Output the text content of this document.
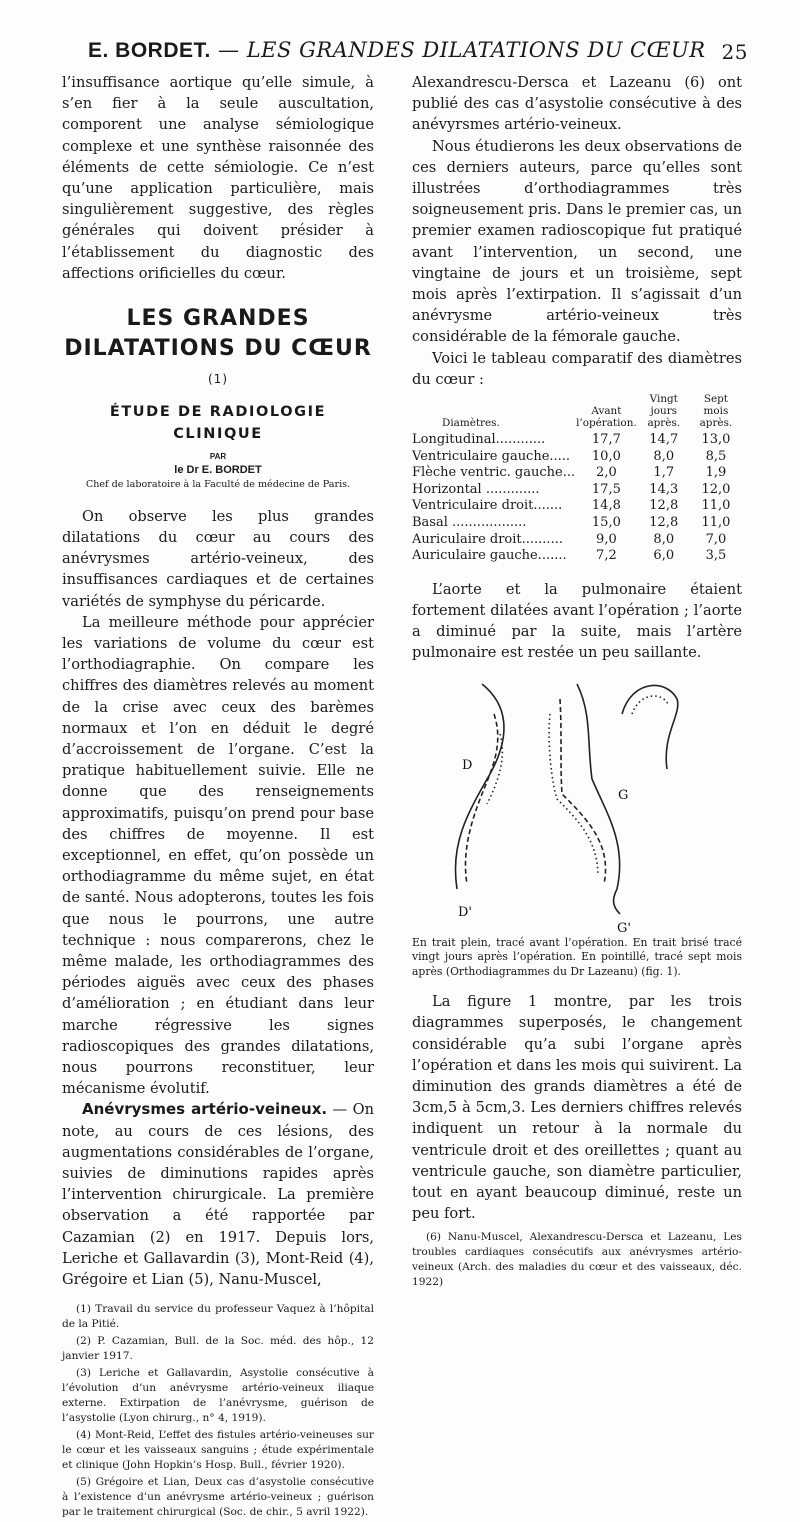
E. BORDET. — LES GRANDES DILATATIONS DU CŒUR 25

l’insuffisance aortique qu’elle simule, à s’en fier à la seule auscultation, comporent une analyse sémiologique complexe et une synthèse raisonnée des éléments de cette sémiologie. Ce n’est qu’une application particulière, mais singulièrement suggestive, des règles générales qui doivent présider à l’établissement du diagnostic des affections orificielles du cœur.

LES GRANDES DILATATIONS DU CŒUR $^{(1)}$
ÉTUDE DE RADIOLOGIE CLINIQUE
PAR
le Dr E. BORDET
Chef de laboratoire à la Faculté de médecine de Paris.

On observe les plus grandes dilatations du cœur au cours des anévrysmes artério-veineux, des insuffisances cardiaques et de certaines variétés de symphyse du péricarde.

La meilleure méthode pour apprécier les variations de volume du cœur est l’orthodiagraphie. On compare les chiffres des diamètres relevés au moment de la crise avec ceux des barèmes normaux et l’on en déduit le degré d’accroissement de l’organe. C’est la pratique habituellement suivie. Elle ne donne que des renseignements approximatifs, puisqu’on prend pour base des chiffres de moyenne. Il est exceptionnel, en effet, qu’on possède un orthodiagramme du même sujet, en état de santé. Nous adopterons, toutes les fois que nous le pourrons, une autre technique : nous comparerons, chez le même malade, les orthodiagrammes des périodes aiguës avec ceux des phases d’amélioration ; en étudiant dans leur marche régressive les signes radioscopiques des grandes dilatations, nous pourrons reconstituer, leur mécanisme évolutif.

Anévrysmes artério-veineux. — On note, au cours de ces lésions, des augmentations considérables de l’organe, suivies de diminutions rapides après l’intervention chirurgicale. La première observation a été rapportée par Cazamian (2) en 1917. Depuis lors, Leriche et Gallavardin (3), Mont-Reid (4), Grégoire et Lian (5), Nanu-Muscel,

(1) Travail du service du professeur Vaquez à l’hôpital de la Pitié.

(2) P. Cazamian, Bull. de la Soc. méd. des hôp., 12 janvier 1917.

(3) Leriche et Gallavardin, Asystolie consécutive à l’évolution d’un anévrysme artério-veineux iliaque externe. Extirpation de l’anévrysme, guérison de l’asystolie (Lyon chirurg., n° 4, 1919).

(4) Mont-Reid, L’effet des fistules artério-veineuses sur le cœur et les vaisseaux sanguins ; étude expérimentale et clinique (John Hopkin’s Hosp. Bull., février 1920).

(5) Grégoire et Lian, Deux cas d’asystolie consécutive à l’existence d’un anévrysme artério-veineux ; guérison par le traitement chirurgical (Soc. de chir., 5 avril 1922).

Alexandrescu-Dersca et Lazeanu (6) ont publié des cas d’asystolie consécutive à des anévyrsmes artério-veineux.

Nous étudierons les deux observations de ces derniers auteurs, parce qu’elles sont illustrées d’orthodiagrammes très soigneusement pris. Dans le premier cas, un premier examen radioscopique fut pratiqué avant l’intervention, un second, une vingtaine de jours et un troisième, sept mois après l’extirpation. Il s’agissait d’un anévrysme artério-veineux très considérable de la fémorale gauche.

Voici le tableau comparatif des diamètres du cœur :

Diamètres.	Avant l’opération.	Vingt jours après.	Sept mois après.
Longitudinal............	17,7	14,7	13,0
Ventriculaire gauche.....	10,0	8,0	8,5
Flèche ventric. gauche...	2,0	1,7	1,9
Horizontal .............	17,5	14,3	12,0
Ventriculaire droit.......	14,8	12,8	11,0
Basal ..................	15,0	12,8	11,0
Auriculaire droit..........	9,0	8,0	7,0
Auriculaire gauche.......	7,2	6,0	3,5

L’aorte et la pulmonaire étaient fortement dilatées avant l’opération ; l’aorte a diminué par la suite, mais l’artère pulmonaire est restée un peu saillante.

D
D'
G
G'

En trait plein, tracé avant l’opération. En trait brisé tracé vingt jours après l’opération. En pointillé, tracé sept mois après (Orthodiagrammes du Dr Lazeanu) (fig. 1).

La figure 1 montre, par les trois diagrammes superposés, le changement considérable qu’a subi l’organe après l’opération et dans les mois qui suivirent. La diminution des grands diamètres a été de 3cm,5 à 5cm,3. Les derniers chiffres relevés indiquent un retour à la normale du ventricule droit et des oreillettes ; quant au ventricule gauche, son diamètre particulier, tout en ayant beaucoup diminué, reste un peu fort.

(6) Nanu-Muscel, Alexandrescu-Dersca et Lazeanu, Les troubles cardiaques consécutifs aux anévrysmes artério-veineux (Arch. des maladies du cœur et des vaisseaux, déc. 1922)
